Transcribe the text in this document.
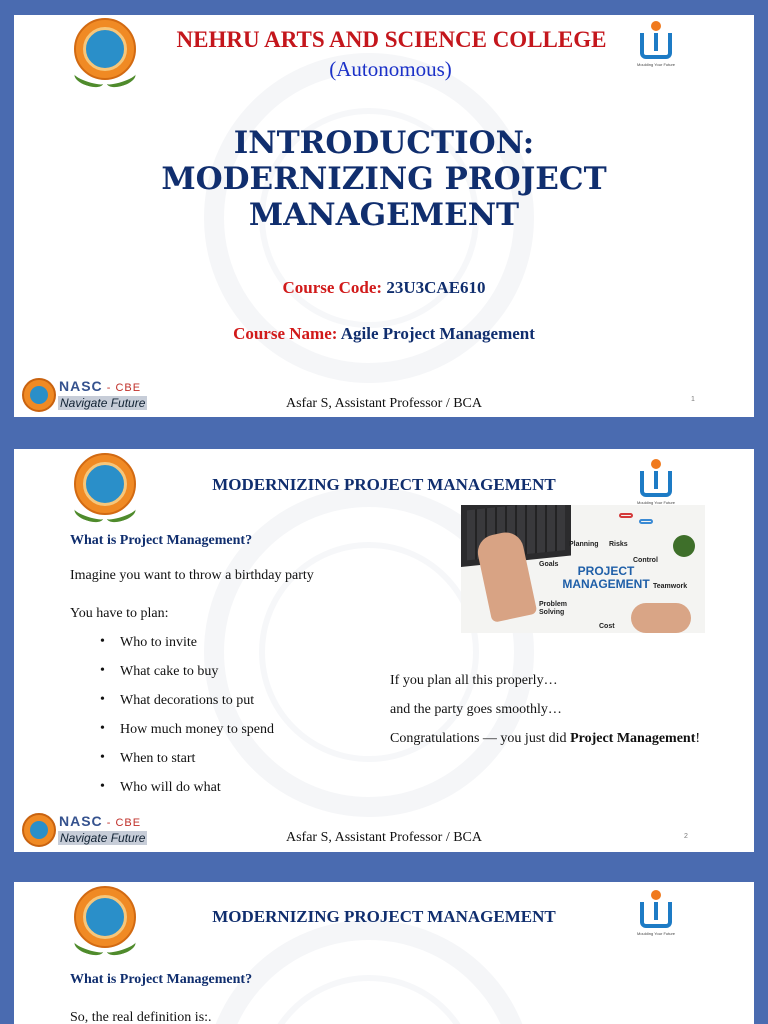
Moulding Your Future
NEHRU ARTS AND SCIENCE COLLEGE
(Autonomous)
INTRODUCTION:
MODERNIZING PROJECT
MANAGEMENT
Course Code: 23U3CAE610
Course Name: Agile Project Management
NASC - CBE
Navigate Future	Asfar S, Assistant Professor / BCA	1
Moulding Your Future
MODERNIZING PROJECT MANAGEMENT
What is Project Management?
Imagine you want to throw a birthday party
You have to plan:
• Who to invite
• What cake to buy
• What decorations to put
• How much money to spend
• When to start
• Who will do what
Planning Risks
Goals
Control
Teamwork
Problem
Solving
Cost
PROJECT
MANAGEMENT
If you plan all this properly…
and the party goes smoothly…
Congratulations — you just did Project Management!
NASC - CBE
Navigate Future	Asfar S, Assistant Professor / BCA	2
Moulding Your Future
MODERNIZING PROJECT MANAGEMENT
What is Project Management?
So, the real definition is:.
